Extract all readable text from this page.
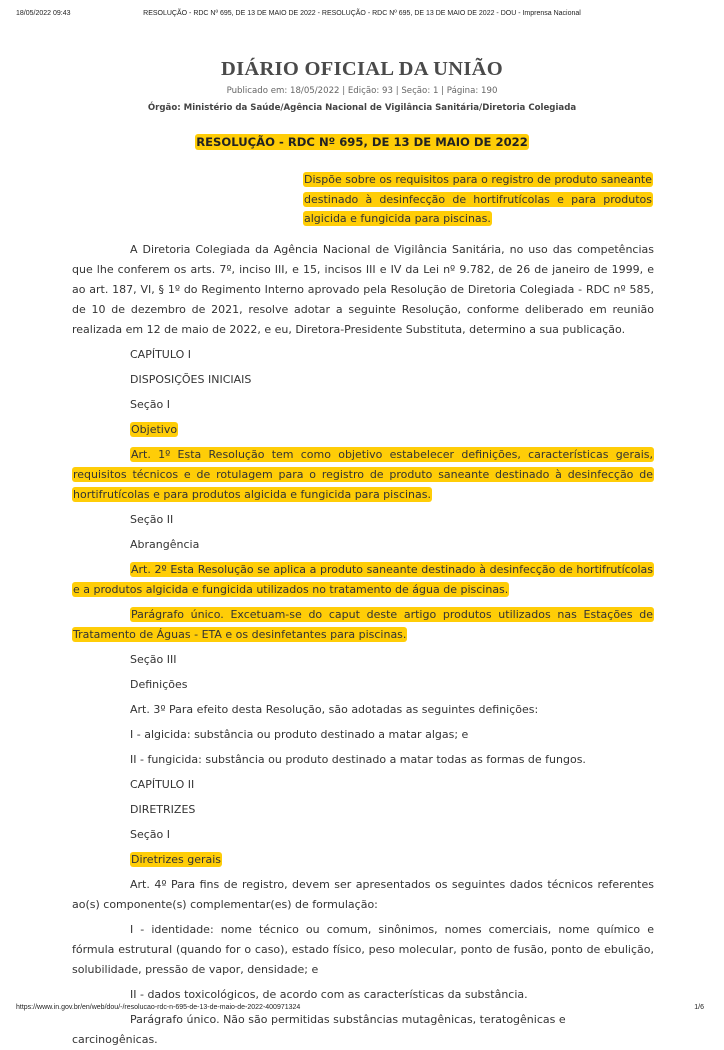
18/05/2022 09:43	RESOLUÇÃO - RDC Nº 695, DE 13 DE MAIO DE 2022 - RESOLUÇÃO - RDC Nº 695, DE 13 DE MAIO DE 2022 - DOU - Imprensa Nacional
DIÁRIO OFICIAL DA UNIÃO
Publicado em: 18/05/2022 | Edição: 93 | Seção: 1 | Página: 190
Órgão: Ministério da Saúde/Agência Nacional de Vigilância Sanitária/Diretoria Colegiada
RESOLUÇÃO - RDC Nº 695, DE 13 DE MAIO DE 2022
Dispõe sobre os requisitos para o registro de produto saneante destinado à desinfecção de hortifrutícolas e para produtos algicida e fungicida para piscinas.

A Diretoria Colegiada da Agência Nacional de Vigilância Sanitária, no uso das competências que lhe conferem os arts. 7º, inciso III, e 15, incisos III e IV da Lei nº 9.782, de 26 de janeiro de 1999, e ao art. 187, VI, § 1º do Regimento Interno aprovado pela Resolução de Diretoria Colegiada - RDC nº 585, de 10 de dezembro de 2021, resolve adotar a seguinte Resolução, conforme deliberado em reunião realizada em 12 de maio de 2022, e eu, Diretora-Presidente Substituta, determino a sua publicação.

CAPÍTULO I

DISPOSIÇÕES INICIAIS

Seção I

Objetivo

Art. 1º Esta Resolução tem como objetivo estabelecer definições, características gerais, requisitos técnicos e de rotulagem para o registro de produto saneante destinado à desinfecção de hortifrutícolas e para produtos algicida e fungicida para piscinas.

Seção II

Abrangência

Art. 2º Esta Resolução se aplica a produto saneante destinado à desinfecção de hortifrutícolas e a produtos algicida e fungicida utilizados no tratamento de água de piscinas.

Parágrafo único. Excetuam-se do caput deste artigo produtos utilizados nas Estações de Tratamento de Águas - ETA e os desinfetantes para piscinas.

Seção III

Definições

Art. 3º Para efeito desta Resolução, são adotadas as seguintes definições:

I - algicida: substância ou produto destinado a matar algas; e

II - fungicida: substância ou produto destinado a matar todas as formas de fungos.

CAPÍTULO II

DIRETRIZES

Seção I

Diretrizes gerais

Art. 4º Para fins de registro, devem ser apresentados os seguintes dados técnicos referentes ao(s) componente(s) complementar(es) de formulação:

I - identidade: nome técnico ou comum, sinônimos, nomes comerciais, nome químico e fórmula estrutural (quando for o caso), estado físico, peso molecular, ponto de fusão, ponto de ebulição, solubilidade, pressão de vapor, densidade; e

II - dados toxicológicos, de acordo com as características da substância.

Parágrafo único. Não são permitidas substâncias mutagênicas, teratogênicas e carcinogênicas.

https://www.in.gov.br/en/web/dou/-/resolucao-rdc-n-695-de-13-de-maio-de-2022-400971324	1/6
